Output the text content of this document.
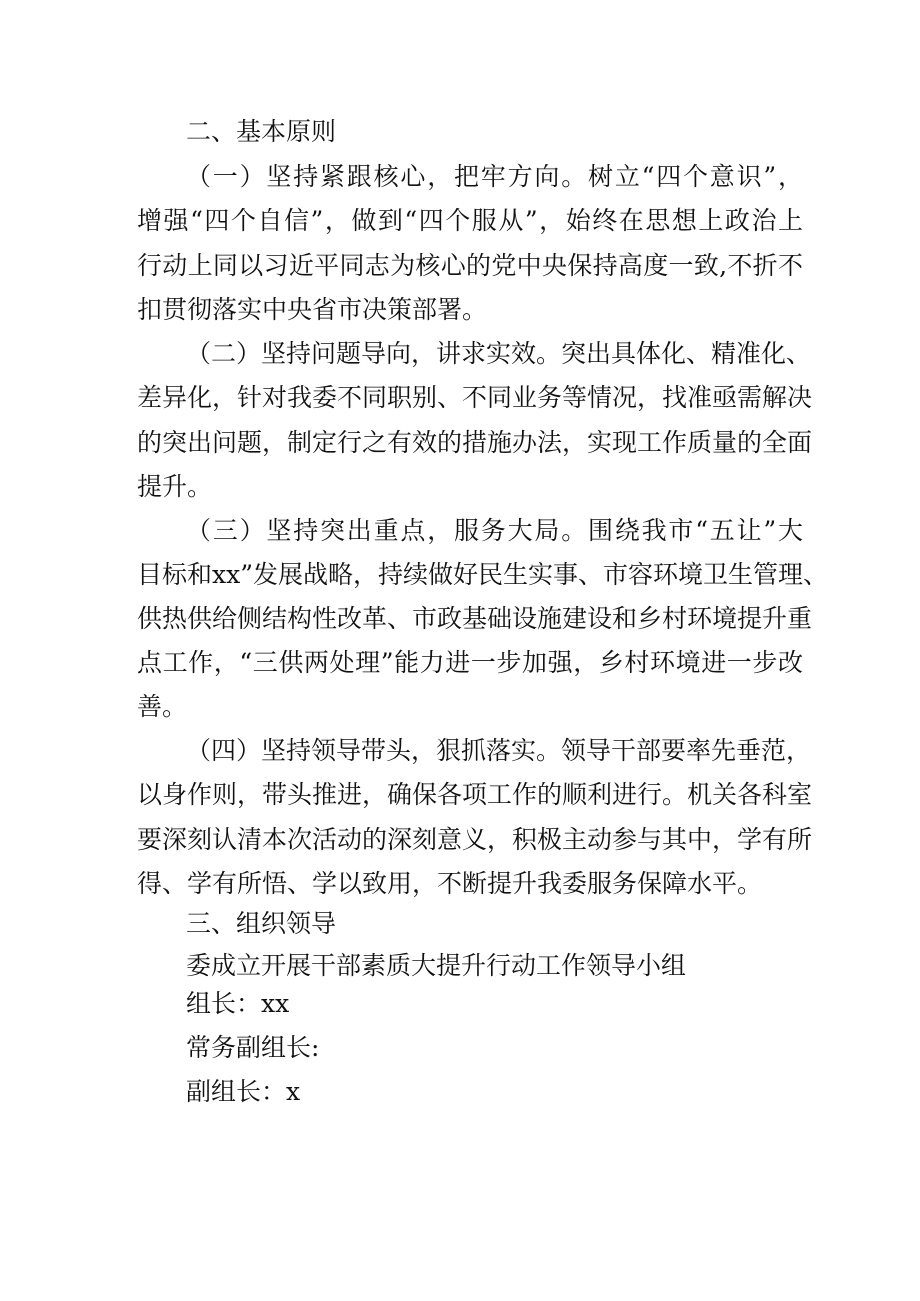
二、基本原则
（一）坚持紧跟核心，把牢方向。树立“四个意识”，
增强“四个自信”，做到“四个服从”，始终在思想上政治上
行动上同以习近平同志为核心的党中央保持高度一致,不折不
扣贯彻落实中央省市决策部署。
（二）坚持问题导向，讲求实效。突出具体化、精准化、
差异化，针对我委不同职别、不同业务等情况，找准亟需解决
的突出问题，制定行之有效的措施办法，实现工作质量的全面
提升。
（三）坚持突出重点，服务大局。围绕我市“五让”大
目标和xx”发展战略，持续做好民生实事、市容环境卫生管理、
供热供给侧结构性改革、市政基础设施建设和乡村环境提升重
点工作，“三供两处理”能力进一步加强，乡村环境进一步改
善。
（四）坚持领导带头，狠抓落实。领导干部要率先垂范，
以身作则，带头推进，确保各项工作的顺利进行。机关各科室
要深刻认清本次活动的深刻意义，积极主动参与其中，学有所
得、学有所悟、学以致用，不断提升我委服务保障水平。
三、组织领导
委成立开展干部素质大提升行动工作领导小组
组长：xx
常务副组长:
副组长：x
